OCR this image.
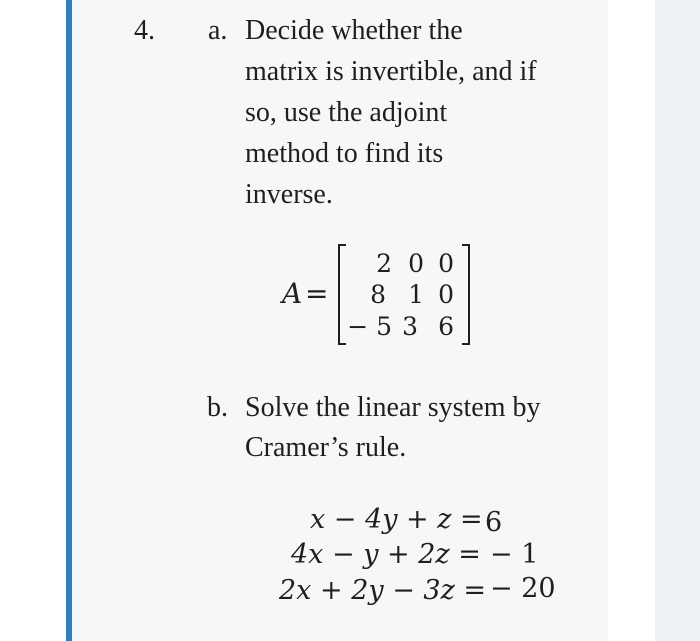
4. a. Decide whether the
matrix is invertible, and if
so, use the adjoint
method to find its
inverse.
A =
2 0 0
8 1 0
− 5 3 6
b. Solve the linear system by
Cramer’s rule.
x − 4y + z = 6
4x − y + 2z = − 1
2x + 2y − 3z = − 20
